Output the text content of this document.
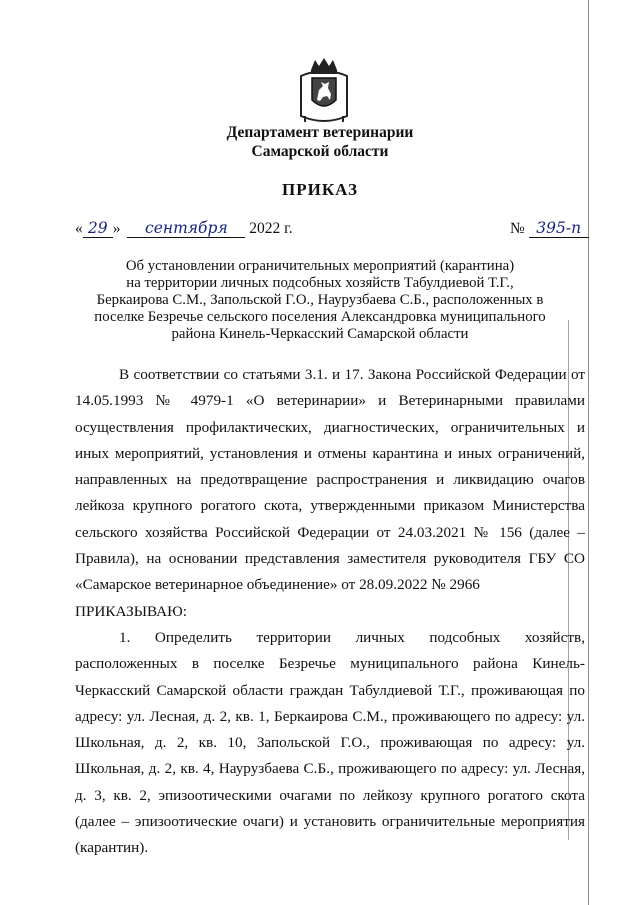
Департамент ветеринарии
Самарской области
ПРИКАЗ
« 29 » сентября 2022 г.	№ 395-п
Об установлении ограничительных мероприятий (карантина)
на территории личных подсобных хозяйств Табулдиевой Т.Г.,
Беркаирова С.М., Запольской Г.О., Наурузбаева С.Б., расположенных в
поселке Безречье сельского поселения Александровка муниципального
района Кинель-Черкасский Самарской области

В соответствии со статьями 3.1. и 17. Закона Российской Федерации от 14.05.1993 № 4979-1 «О ветеринарии» и Ветеринарными правилами осуществления профилактических, диагностических, ограничительных и иных мероприятий, установления и отмены карантина и иных ограничений, направленных на предотвращение распространения и ликвидацию очагов лейкоза крупного рогатого скота, утвержденными приказом Министерства сельского хозяйства Российской Федерации от 24.03.2021 № 156 (далее – Правила), на основании представления заместителя руководителя ГБУ СО «Самарское ветеринарное объединение» от 28.09.2022 № 2966

ПРИКАЗЫВАЮ:

1. Определить территории личных подсобных хозяйств, расположенных в поселке Безречье муниципального района Кинель-Черкасский Самарской области граждан Табулдиевой Т.Г., проживающая по адресу: ул. Лесная, д. 2, кв. 1, Беркаирова С.М., проживающего по адресу: ул. Школьная, д. 2, кв. 10, Запольской Г.О., проживающая по адресу: ул. Школьная, д. 2, кв. 4, Наурузбаева С.Б., проживающего по адресу: ул. Лесная, д. 3, кв. 2, эпизоотическими очагами по лейкозу крупного рогатого скота (далее – эпизоотические очаги) и установить ограничительные мероприятия (карантин).
